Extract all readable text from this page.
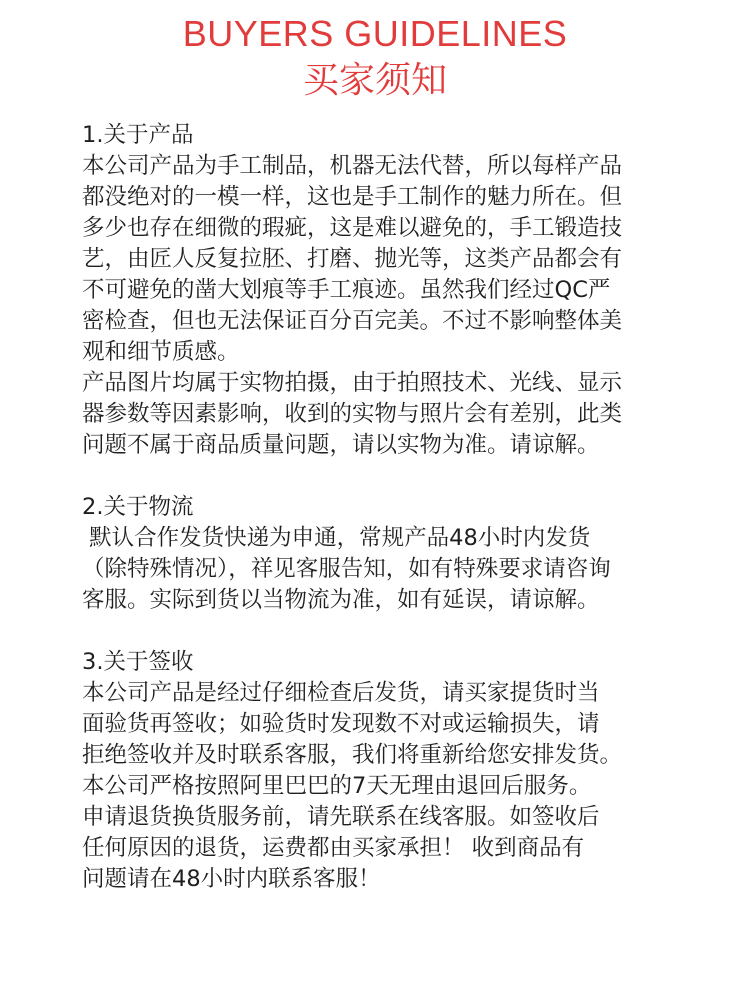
BUYERS GUIDELINES
买家须知

1.关于产品

本公司产品为手工制品，机器无法代替，所以每样产品
都没绝对的一模一样，这也是手工制作的魅力所在。但
多少也存在细微的瑕疵，这是难以避免的，手工锻造技
艺，由匠人反复拉胚、打磨、抛光等，这类产品都会有
不可避免的凿大划痕等手工痕迹。虽然我们经过QC严
密检查，但也无法保证百分百完美。不过不影响整体美
观和细节质感。

产品图片均属于实物拍摄，由于拍照技术、光线、显示
器参数等因素影响，收到的实物与照片会有差别，此类
问题不属于商品质量问题，请以实物为准。请谅解。

2.关于物流

默认合作发货快递为申通，常规产品48小时内发货
（除特殊情况），祥见客服告知，如有特殊要求请咨询
客服。实际到货以当物流为准，如有延误，请谅解。

3.关于签收

本公司产品是经过仔细检查后发货，请买家提货时当
面验货再签收；如验货时发现数不对或运输损失，请
拒绝签收并及时联系客服，我们将重新给您安排发货。
本公司严格按照阿里巴巴的7天无理由退回后服务。
申请退货换货服务前，请先联系在线客服。如签收后
任何原因的退货，运费都由买家承担！ 收到商品有
问题请在48小时内联系客服！
